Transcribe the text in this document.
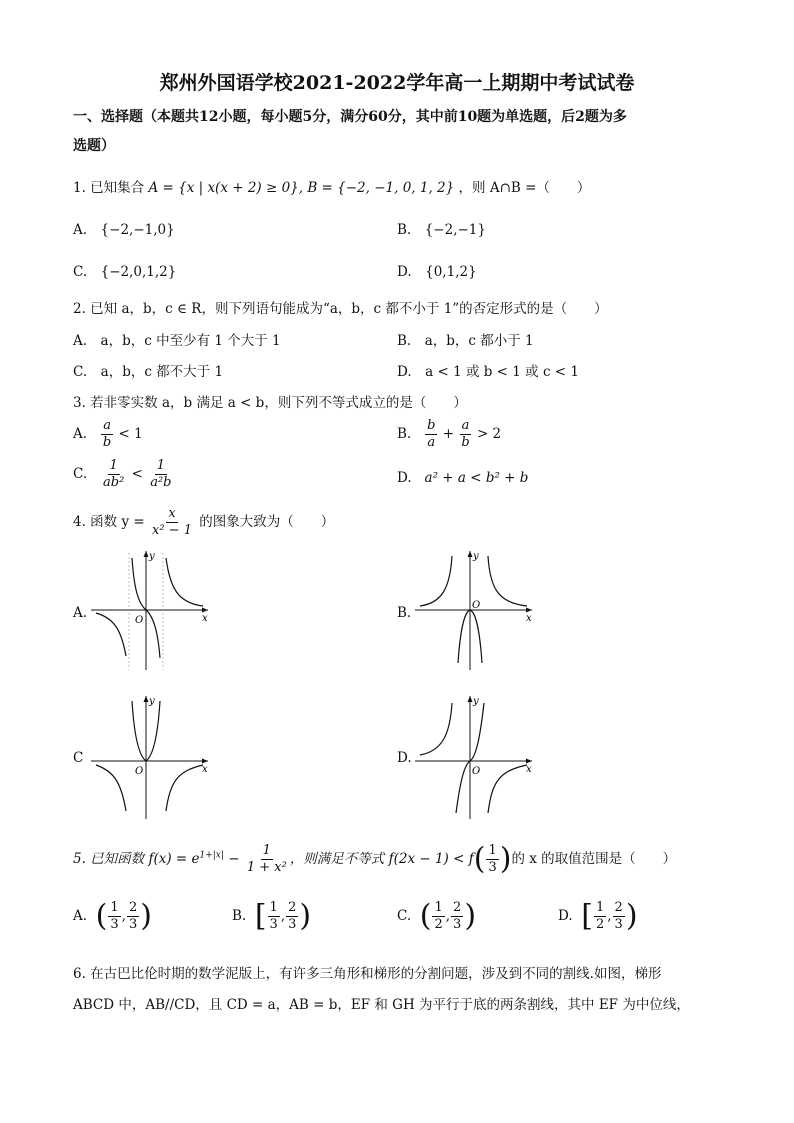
郑州外国语学校2021-2022学年高一上期期中考试试卷
一、选择题（本题共12小题，每小题5分，满分60分，其中前10题为单选题，后2题为多
选题）
1. 已知集合 A = {x | x(x + 2) ≥ 0}, B = {−2, −1, 0, 1, 2} ，则 A∩B =（　　）
A.　{−2,−1,0}	B.　{−2,−1}
C.　{−2,0,1,2}	D.　{0,1,2}
2. 已知 a，b，c ∈ R，则下列语句能成为“a，b，c 都不小于 1”的否定形式的是（　　）
A.　a，b，c 中至少有 1 个大于 1	B.　a，b，c 都小于 1
C.　a，b，c 都不大于 1	D.　a < 1 或 b < 1 或 c < 1
3. 若非零实数 a，b 满足 a < b，则下列不等式成立的是（　　）
A. $\frac{a}{b} < 1$	B. $\frac{b}{a} + \frac{a}{b} > 2$
C. $\frac{1}{\text{ab²}} < \frac{1}{\text{a²b}}$	D. a² + a < b² + b
4. 函数 $y = \frac{x}{\text{x² − 1}}$ 的图象大致为（　　）
A.	B.
C	D.
x
y
O	x
y
O
x
y
O	x
y
O
5. 已知函数 $f(x) = e^{1+|x|} - \frac{1}{\text{1 + x²}}$ ，则满足不等式 $f(2x - 1) < f( \frac{1}{3}$ )的 x 的取值范围是（　　）
A. ( $\frac{1}{3}$ , $\frac{2}{3}$ )	B. [ $\frac{1}{3}$ , $\frac{2}{3}$ )	C. ( $\frac{1}{2}$ , $\frac{2}{3}$ )	D. [ $\frac{1}{2}$ , $\frac{2}{3}$ )
6. 在古巴比伦时期的数学泥版上，有许多三角形和梯形的分割问题，涉及到不同的割线.如图，梯形
ABCD 中，AB//CD，且 CD = a，AB = b，EF 和 GH 为平行于底的两条割线，其中 EF 为中位线，
